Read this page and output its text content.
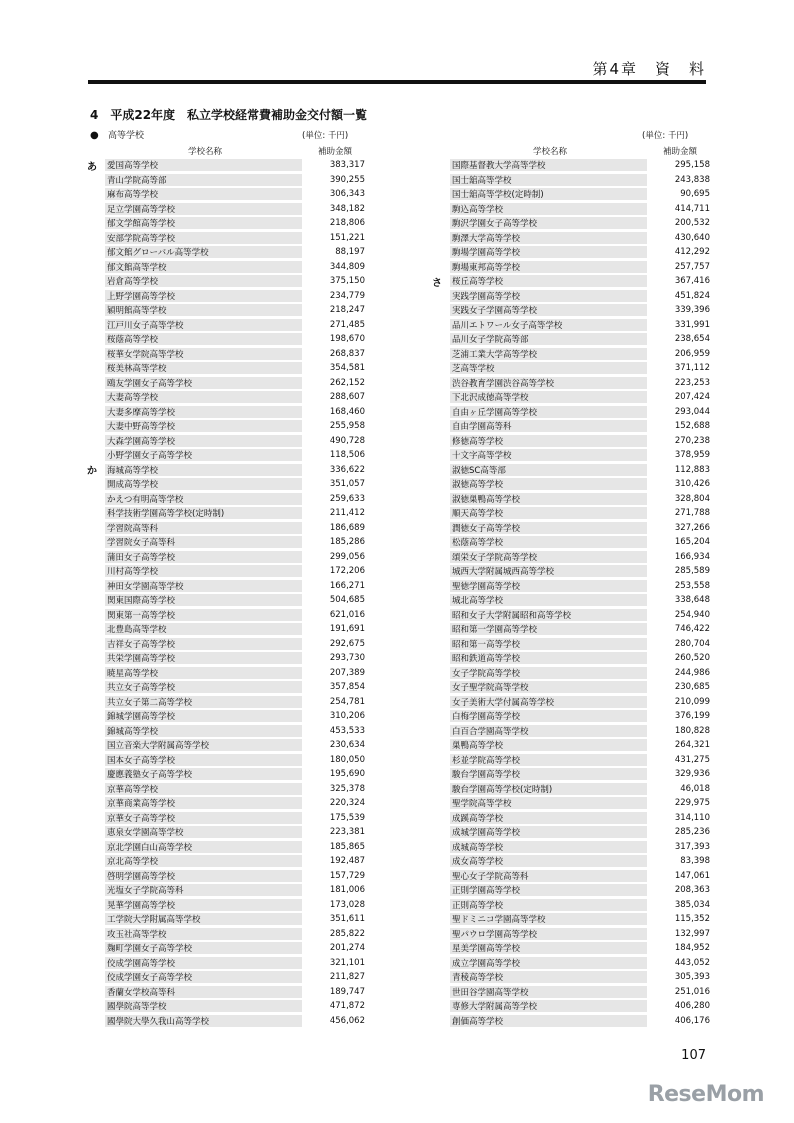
第4章　資　料
4　平成22年度　私立学校経常費補助金交付額一覧
● 高等学校	(単位: 千円)	(単位: 千円)
学校名称	補助金額
あ 愛国高等学校	383,317
青山学院高等部	390,255
麻布高等学校	306,343
足立学園高等学校	348,182
郁文学館高等学校	218,806
安部学院高等学校	151,221
郁文館グローバル高等学校	88,197
郁文館高等学校	344,809
岩倉高等学校	375,150
上野学園高等学校	234,779
穎明館高等学校	218,247
江戸川女子高等学校	271,485
桜蔭高等学校	198,670
桜華女学院高等学校	268,837
桜美林高等学校	354,581
鴎友学園女子高等学校	262,152
大妻高等学校	288,607
大妻多摩高等学校	168,460
大妻中野高等学校	255,958
大森学園高等学校	490,728
小野学園女子高等学校	118,506
か 海城高等学校	336,622
開成高等学校	351,057
かえつ有明高等学校	259,633
科学技術学園高等学校(定時制)	211,412
学習院高等科	186,689
学習院女子高等科	185,286
蒲田女子高等学校	299,056
川村高等学校	172,206
神田女学園高等学校	166,271
関東国際高等学校	504,685
関東第一高等学校	621,016
北豊島高等学校	191,691
吉祥女子高等学校	292,675
共栄学園高等学校	293,730
暁星高等学校	207,389
共立女子高等学校	357,854
共立女子第二高等学校	254,781
錦城学園高等学校	310,206
錦城高等学校	453,533
国立音楽大学附属高等学校	230,634
国本女子高等学校	180,050
慶應義塾女子高等学校	195,690
京華高等学校	325,378
京華商業高等学校	220,324
京華女子高等学校	175,539
恵泉女学園高等学校	223,381
京北学園白山高等学校	185,865
京北高等学校	192,487
啓明学園高等学校	157,729
光塩女子学院高等科	181,006
晃華学園高等学校	173,028
工学院大学附属高等学校	351,611
攻玉社高等学校	285,822
麹町学園女子高等学校	201,274
佼成学園高等学校	321,101
佼成学園女子高等学校	211,827
香蘭女学校高等科	189,747
國學院高等学校	471,872
國學院大學久我山高等学校	456,062
学校名称	補助金額
国際基督教大学高等学校	295,158
国士舘高等学校	243,838
国士舘高等学校(定時制)	90,695
駒込高等学校	414,711
駒沢学園女子高等学校	200,532
駒澤大学高等学校	430,640
駒場学園高等学校	412,292
駒場東邦高等学校	257,757
さ 桜丘高等学校	367,416
実践学園高等学校	451,824
実践女子学園高等学校	339,396
品川エトワール女子高等学校	331,991
品川女子学院高等部	238,654
芝浦工業大学高等学校	206,959
芝高等学校	371,112
渋谷教育学園渋谷高等学校	223,253
下北沢成徳高等学校	207,424
自由ヶ丘学園高等学校	293,044
自由学園高等科	152,688
修徳高等学校	270,238
十文字高等学校	378,959
淑徳SC高等部	112,883
淑徳高等学校	310,426
淑徳巣鴨高等学校	328,804
順天高等学校	271,788
潤徳女子高等学校	327,266
松蔭高等学校	165,204
頌栄女子学院高等学校	166,934
城西大学附属城西高等学校	285,589
聖徳学園高等学校	253,558
城北高等学校	338,648
昭和女子大学附属昭和高等学校	254,940
昭和第一学園高等学校	746,422
昭和第一高等学校	280,704
昭和鉄道高等学校	260,520
女子学院高等学校	244,986
女子聖学院高等学校	230,685
女子美術大学付属高等学校	210,099
白梅学園高等学校	376,199
白百合学園高等学校	180,828
巣鴨高等学校	264,321
杉並学院高等学校	431,275
駿台学園高等学校	329,936
駿台学園高等学校(定時制)	46,018
聖学院高等学校	229,975
成蹊高等学校	314,110
成城学園高等学校	285,236
成城高等学校	317,393
成女高等学校	83,398
聖心女子学院高等科	147,061
正則学園高等学校	208,363
正則高等学校	385,034
聖ドミニコ学園高等学校	115,352
聖パウロ学園高等学校	132,997
星美学園高等学校	184,952
成立学園高等学校	443,052
青稜高等学校	305,393
世田谷学園高等学校	251,016
専修大学附属高等学校	406,280
創価高等学校	406,176
107
ReseMom
